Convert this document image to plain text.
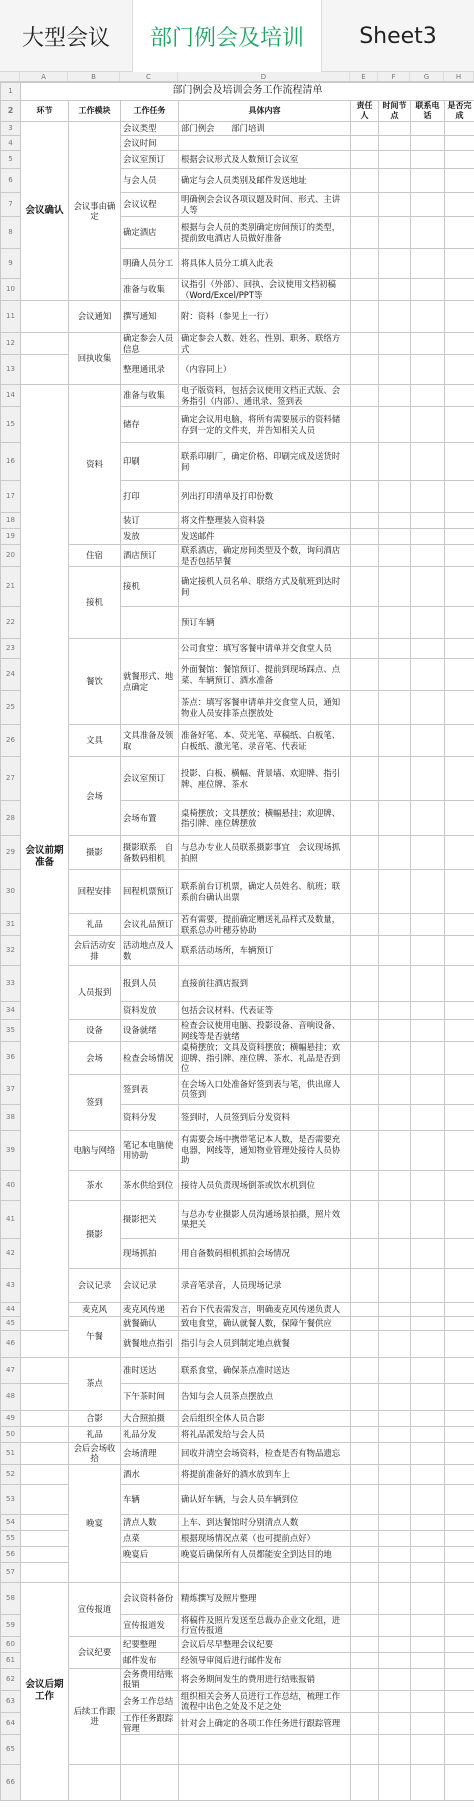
大型会议	部门例会及培训	Sheet3
A	B	C	D	E	F	G	H
1	部门例会及培训会务工作流程清单							
2	环节	工作模块	工作任务	具体内容	责任人	时间节点	联系电话	是否完成
3	会议确认	会议事由确定	会议类型	部门例会　　部门培训				
4			会议时间					
5			会议室预订	根据会议形式及人数预订会议室				
6			与会人员	确定与会人员类别及邮件发送地址				
7			会议议程	明确例会会议各项议题及时间、形式、主讲人等				
8			确定酒店	根据与会人员的类别确定房间预订的类型，提前致电酒店人员做好准备				
9			明确人员分工	将具体人员分工填入此表				
10			准备与收集	议指引（外部）、回执、会议使用文档初稿（Word/Excel/PPT等				
11		会议通知	撰写通知	附：资料（参见上一行）				
12		回执收集	确定参会人员信息	确定参会人数、姓名、性别、职务、联络方式				
13			整理通讯录	（内容同上）				
14	会议前期准备	资料	准备与收集	电子版资料，包括会议使用文档正式版、会务指引（内部）、通讯录、签到表				
15			储存	确定会议用电脑，将所有需要展示的资料储存到一定的文件夹，并告知相关人员				
16			印刷	联系印刷厂，确定价格、印刷完成及送货时间				
17			打印	列出打印清单及打印份数				
18			装订	将文件整理装入资料袋				
19			发放	发送邮件				
20		住宿	酒店预订	联系酒店，确定房间类型及个数，询问酒店是否包括早餐				
21		接机	接机	确定接机人员名单、联络方式及航班到达时间				
22				预订车辆				
23		餐饮	就餐形式、地点确定	公司食堂：填写客餐申请单并交食堂人员				
24				外面餐馆：餐馆预订、提前到现场踩点、点菜、车辆预订、酒水准备				
25				茶点：填写客餐申请单并交食堂人员，通知物业人员安排茶点摆放处				
26		文具	文具准备及领取	准备好笔、本、荧光笔、草稿纸、白板笔、白板纸、激光笔、录音笔、代表证				
27		会场	会议室预订	投影、白板、横幅、背景墙、欢迎牌、指引牌、座位牌、茶水				
28			会场布置	桌椅摆放；文具摆放；横幅悬挂；欢迎牌、指引牌、座位牌摆放				
29		摄影	摄影联系　自备数码相机	与总办专业人员联系摄影事宜　会议现场抓拍照				
30		回程安排	回程机票预订	联系前台订机票，确定人员姓名、航班；联系前台确认出票				
31		礼品	会议礼品预订	若有需要，提前确定赠送礼品样式及数量，联系总办叶穗芬协助				
32		会后活动安排	活动地点及人数	联系活动场所，车辆预订				
33		人员报到	报到人员	直接前往酒店报到				
34			资料发放	包括会议材料、代表证等				
35		设备	设备就绪	检查会议使用电脑、投影设备、音响设备、网线等是否就绪				
36		会场	检查会场情况	桌椅摆放；文具及资料摆放；横幅悬挂；欢迎牌、指引牌、座位牌、茶水、礼品是否到位				
37		签到	签到表	在会场入口处准备好签到表与笔，供出席人员签到				
38			资料分发	签到时，人员签到后分发资料				
39		电脑与网络	笔记本电脑使用协助	有需要会场中携带笔记本人数，是否需要充电器，网线等，通知物业管理处接待人员协助				
40		茶水	茶水供给到位	接待人员负责现场倒茶或饮水机到位				
41		摄影	摄影把关	与总办专业摄影人员沟通场景拍摄，照片效果把关				
42			现场抓拍	用自备数码相机抓拍会场情况				
43		会议记录	会议记录	录音笔录音，人员现场记录				
44		麦克风	麦克风传递	若台下代表需发言，明确麦克风传递负责人				
45		午餐	就餐确认	致电食堂，确认就餐人数，保障午餐供应				
46			就餐地点指引	指引与会人员到制定地点就餐				
47		茶点	准时送达	联系食堂，确保茶点准时送达				
48			下午茶时间	告知与会人员茶点摆放点				
49		合影	大合照拍摄	会后组织全体人员合影				
50		礼品	礼品分发	将礼品派发给与会人员				
51		会后会场收拾	会场清理	回收并清空会场资料，检查是否有物品遗忘				
52		晚宴	酒水	将提前准备好的酒水放到车上				
53			车辆	确认好车辆，与会人员车辆到位				
54			清点人数	上车、到达餐馆时分别清点人数				
55			点菜	根据现场情况点菜（也可提前点好）				
56			晚宴后	晚宴后确保所有人员都能安全到达目的地				
57								
58	会议后期工作	宣传报道	会议资料备份	精炼撰写及照片整理				
59			宣传报道发	将稿件及照片发送至总裁办企业文化组，进行宣传报道				
60		会议纪要	纪要整理	会议后尽早整理会议纪要				
61			邮件发布	经领导审阅后进行邮件发布				
62		后续工作跟进	会务费用结账报销	将会务期间发生的费用进行结账报销				
63			会务工作总结	组织相关会务人员进行工作总结，梳理工作流程中出色之处及不足之处				
64			工作任务跟踪管理	针对会上确定的各项工作任务进行跟踪管理				
65								
66								
